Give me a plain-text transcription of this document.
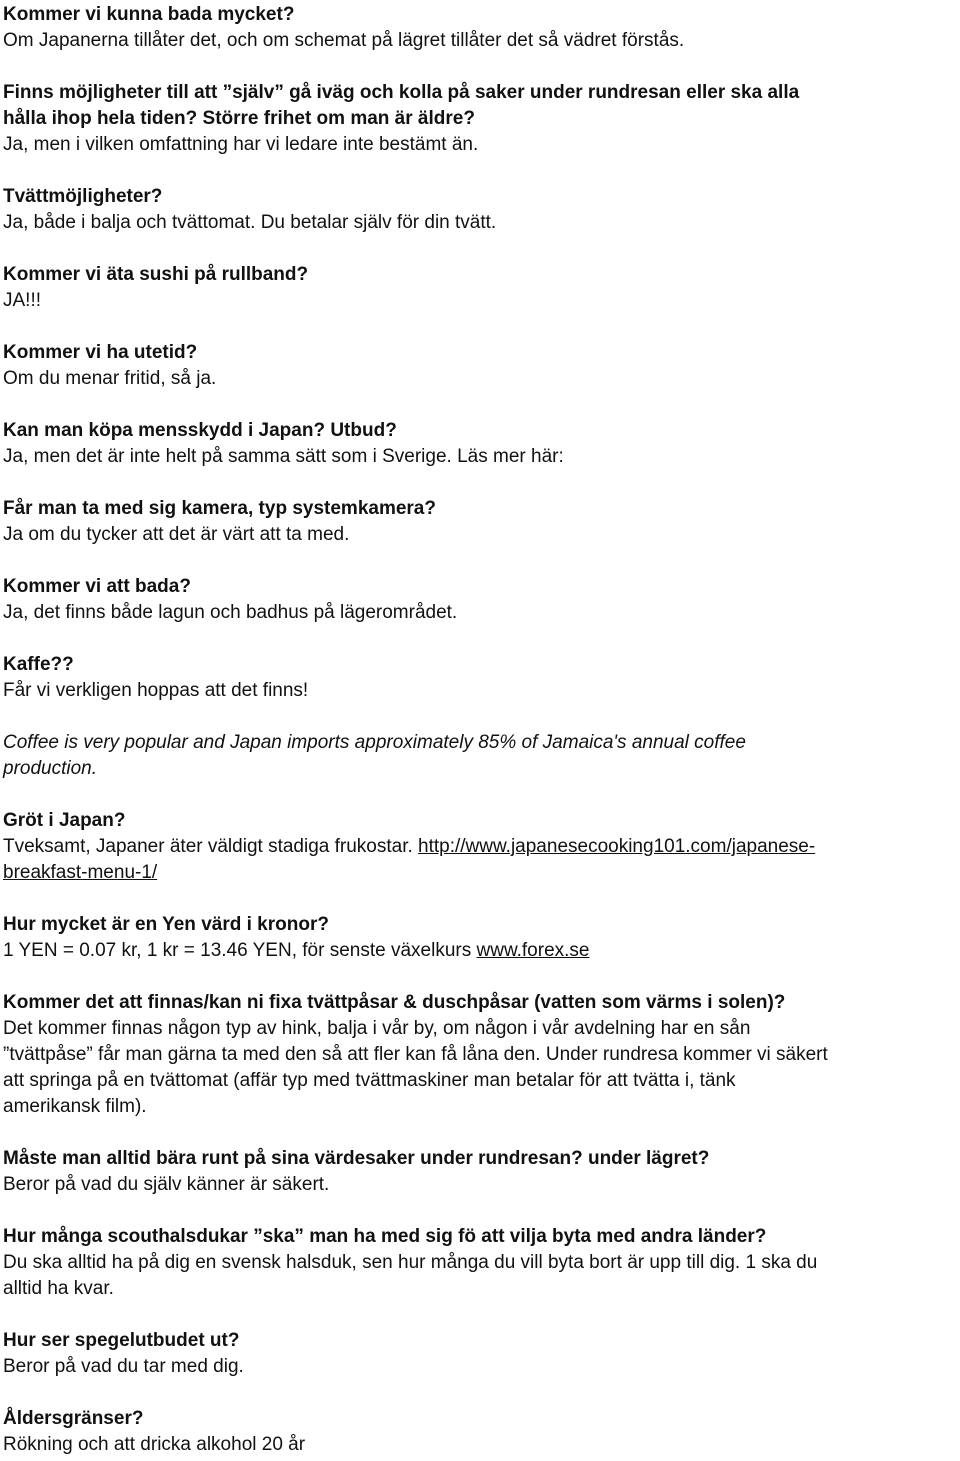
Kommer vi kunna bada mycket?

Om Japanerna tillåter det, och om schemat på lägret tillåter det så vädret förstås.

Finns möjligheter till att ”själv” gå iväg och kolla på saker under rundresan eller ska alla

hålla ihop hela tiden? Större frihet om man är äldre?

Ja, men i vilken omfattning har vi ledare inte bestämt än.

Tvättmöjligheter?

Ja, både i balja och tvättomat. Du betalar själv för din tvätt.

Kommer vi äta sushi på rullband?

JA!!!

Kommer vi ha utetid?

Om du menar fritid, så ja.

Kan man köpa mensskydd i Japan? Utbud?

Ja, men det är inte helt på samma sätt som i Sverige. Läs mer här:

Får man ta med sig kamera, typ systemkamera?

Ja om du tycker att det är värt att ta med.

Kommer vi att bada?

Ja, det finns både lagun och badhus på lägerområdet.

Kaffe??

Får vi verkligen hoppas att det finns!

Coffee is very popular and Japan imports approximately 85% of Jamaica's annual coffee

production.

Gröt i Japan?

Tveksamt, Japaner äter väldigt stadiga frukostar. http://www.japanesecooking101.com/japanese-

breakfast-menu-1/

Hur mycket är en Yen värd i kronor?

1 YEN = 0.07 kr, 1 kr = 13.46 YEN, för senste växelkurs www.forex.se

Kommer det att finnas/kan ni fixa tvättpåsar & duschpåsar (vatten som värms i solen)?

Det kommer finnas någon typ av hink, balja i vår by, om någon i vår avdelning har en sån

”tvättpåse” får man gärna ta med den så att fler kan få låna den. Under rundresa kommer vi säkert

att springa på en tvättomat (affär typ med tvättmaskiner man betalar för att tvätta i, tänk

amerikansk film).

Måste man alltid bära runt på sina värdesaker under rundresan? under lägret?

Beror på vad du själv känner är säkert.

Hur många scouthalsdukar ”ska” man ha med sig fö att vilja byta med andra länder?

Du ska alltid ha på dig en svensk halsduk, sen hur många du vill byta bort är upp till dig. 1 ska du

alltid ha kvar.

Hur ser spegelutbudet ut?

Beror på vad du tar med dig.

Åldersgränser?

Rökning och att dricka alkohol 20 år
